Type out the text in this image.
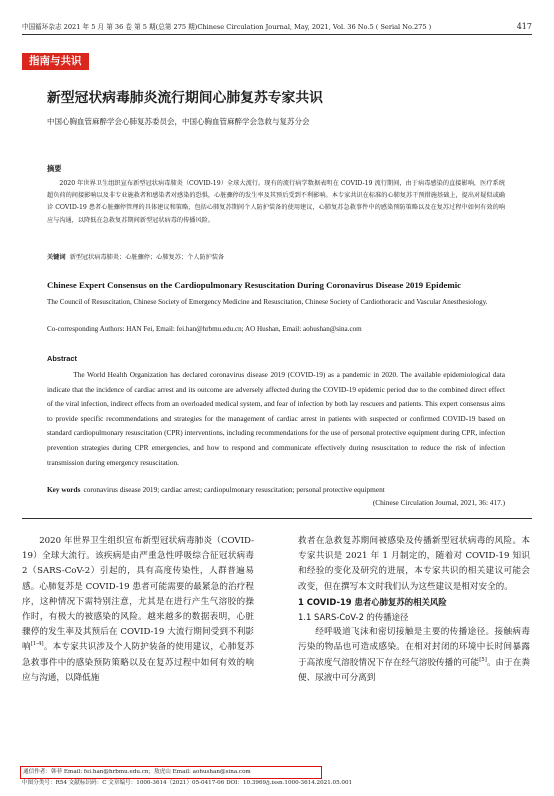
中国循环杂志 2021 年 5 月 第 36 卷 第 5 期(总第 275 期)Chinese Circulation Journal, May, 2021, Vol. 36 No.5 ( Serial No.275 )	417
指南与共识
新型冠状病毒肺炎流行期间心肺复苏专家共识
中国心胸血管麻醉学会心肺复苏委员会，中国心胸血管麻醉学会急救与复苏分会
摘要
2020 年世界卫生组织宣布新型冠状病毒肺炎（COVID-19）全球大流行。现有的流行病学数据表明在 COVID-19 流行期间，由于病毒感染的直接影响，医疗系统超负荷的间接影响以及非专业施救者和感染者对感染的恐惧，心脏骤停的发生率及其预后受到不利影响。本专家共识在标准的心肺复苏干预措施基础上，提出对疑似或确诊 COVID-19 患者心脏骤停管理的具体建议和策略，包括心肺复苏期间个人防护装备的使用建议，心肺复苏急救事件中的感染预防策略以及在复苏过程中如何有效的响应与沟通，以降低在急救复苏期间新型冠状病毒的传播风险。
关键词 新型冠状病毒肺炎；心脏骤停；心肺复苏；个人防护装备
Chinese Expert Consensus on the Cardiopulmonary Resuscitation During Coronavirus Disease 2019 Epidemic
The Council of Resuscitation, Chinese Society of Emergency Medicine and Resuscitation, Chinese Society of Cardiothoracic and Vascular Anesthesiology.
Co-corresponding Authors: HAN Fei, Email: fei.han@hrbmu.edu.cn; AO Hushan, Email: aohushan@sina.com
Abstract
The World Health Organization has declared coronavirus disease 2019 (COVID-19) as a pandemic in 2020. The available epidemiological data indicate that the incidence of cardiac arrest and its outcome are adversely affected during the COVID-19 epidemic period due to the combined direct effect of the viral infection, indirect effects from an overloaded medical system, and fear of infection by both lay rescuers and patients. This expert consensus aims to provide specific recommendations and strategies for the management of cardiac arrest in patients with suspected or confirmed COVID-19 based on standard cardiopulmonary resuscitation (CPR) interventions, including recommendations for the use of personal protective equipment during CPR, infection prevention strategies during CPR emergencies, and how to respond and communicate effectively during resuscitation to reduce the risk of infection transmission during emergency resuscitation.
Key words coronavirus disease 2019; cardiac arrest; cardiopulmonary resuscitation; personal protective equipment
(Chinese Circulation Journal, 2021, 36: 417.)

2020 年世界卫生组织宣布新型冠状病毒肺炎（COVID-19）全球大流行。该疾病是由严重急性呼吸综合征冠状病毒 2（SARS-CoV-2）引起的，具有高度传染性，人群普遍易感。心肺复苏是 COVID-19 患者可能需要的最紧急的治疗程序，这种情况下需特别注意，尤其是在进行产生气溶胶的操作时，有极大的被感染的风险。越来越多的数据表明，心脏骤停的发生率及其预后在 COVID-19 大流行期间受到不利影响[1-4]。本专家共识涉及个人防护装备的使用建议，心肺复苏急救事件中的感染预防策略以及在复苏过程中如何有效的响应与沟通，以降低施

救者在急救复苏期间被感染及传播新型冠状病毒的风险。本专家共识是 2021 年 1 月制定的，随着对 COVID-19 知识和经验的变化及研究的进展，本专家共识的相关建议可能会改变，但在撰写本文时我们认为这些建议是相对安全的。

1 COVID-19 患者心肺复苏的相关风险
1.1 SARS-CoV-2 的传播途径

经呼吸道飞沫和密切接触是主要的传播途径。接触病毒污染的物品也可造成感染。在相对封闭的环境中长时间暴露于高浓度气溶胶情况下存在经气溶胶传播的可能[5]。由于在粪便、尿液中可分离到

通信作者：韩菲 Email: fei.han@hrbmu.edu.cn；敖虎山 Email: aohushan@sina.com
中图分类号：R54 文献标识码：C 文章编号：1000-3614（2021）05-0417-06 DOI：10.3969/j.issn.1000-3614.2021.05.001
